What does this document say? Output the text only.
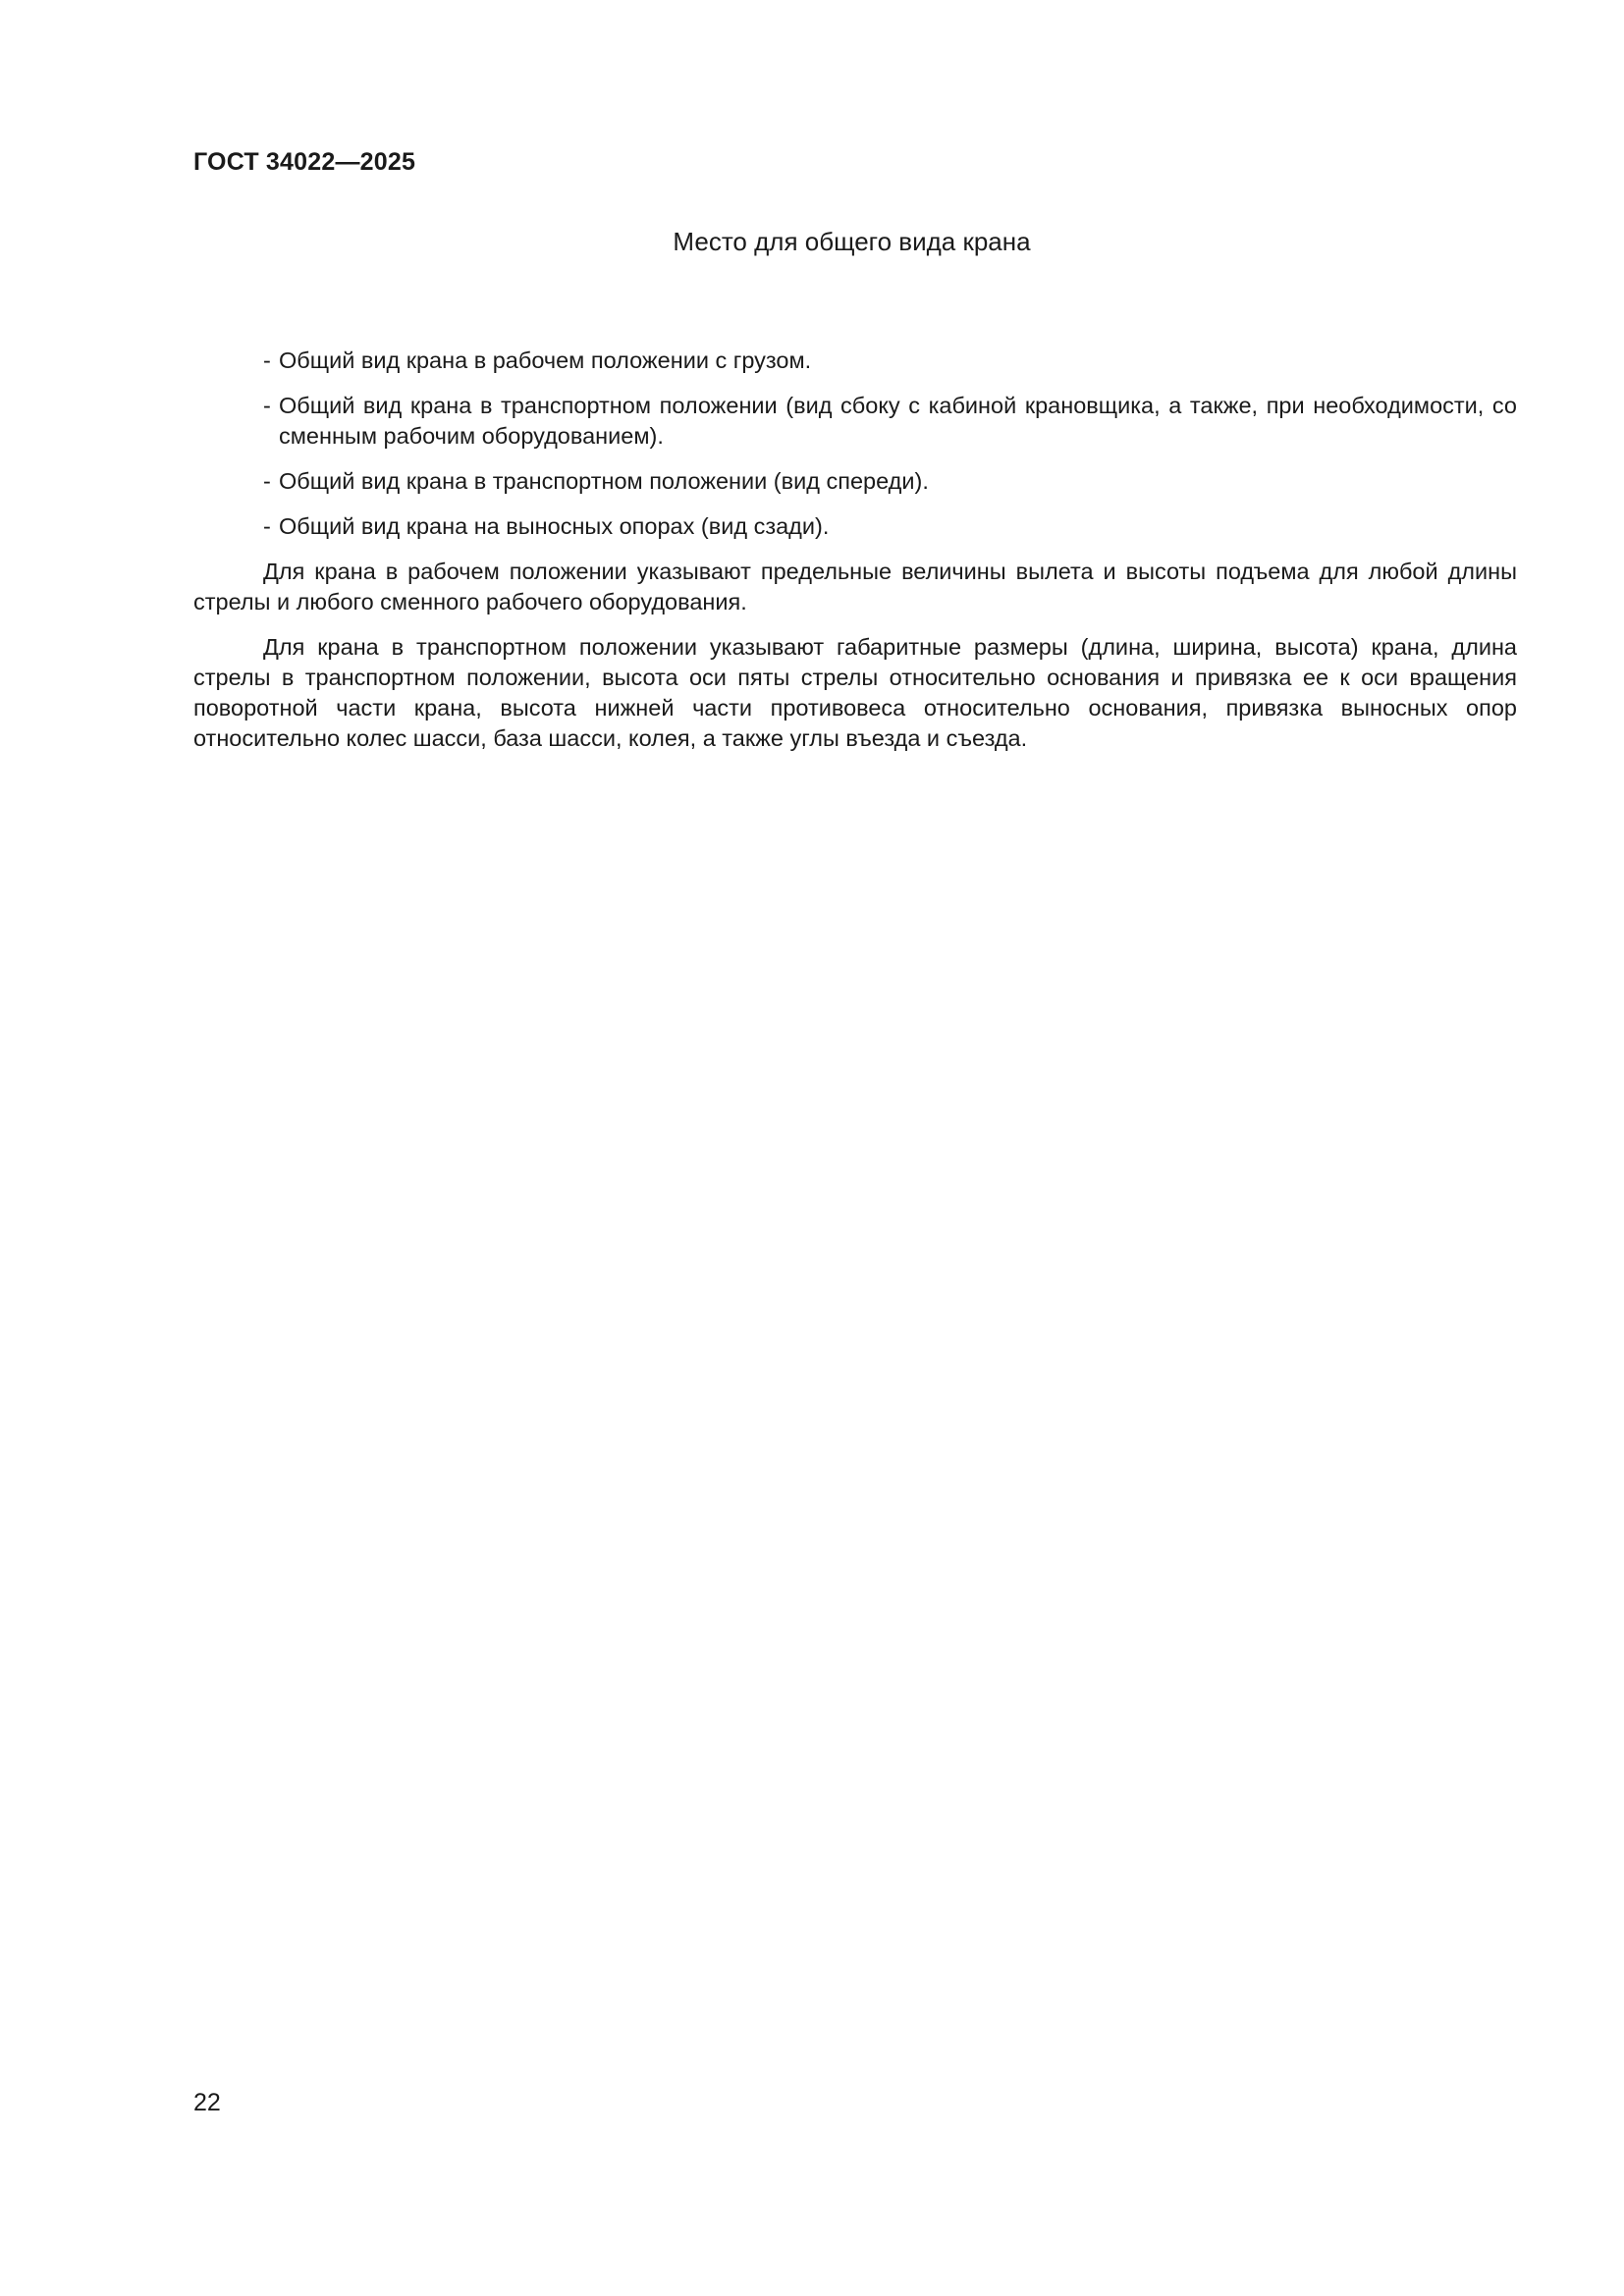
ГОСТ 34022—2025

Место для общего вида крана

- Общий вид крана в рабочем положении с грузом.
- Общий вид крана в транспортном положении (вид сбоку с кабиной крановщика, а также, при необходимости, со сменным рабочим оборудованием).
- Общий вид крана в транспортном положении (вид спереди).
- Общий вид крана на выносных опорах (вид сзади).

Для крана в рабочем положении указывают предельные величины вылета и высоты подъема для любой длины стрелы и любого сменного рабочего оборудования.

Для крана в транспортном положении указывают габаритные размеры (длина, ширина, высота) крана, длина стрелы в транспортном положении, высота оси пяты стрелы относительно основания и привязка ее к оси вращения поворотной части крана, высота нижней части противовеса относительно основания, привязка выносных опор относительно колес шасси, база шасси, колея, а также углы въезда и съезда.

22
